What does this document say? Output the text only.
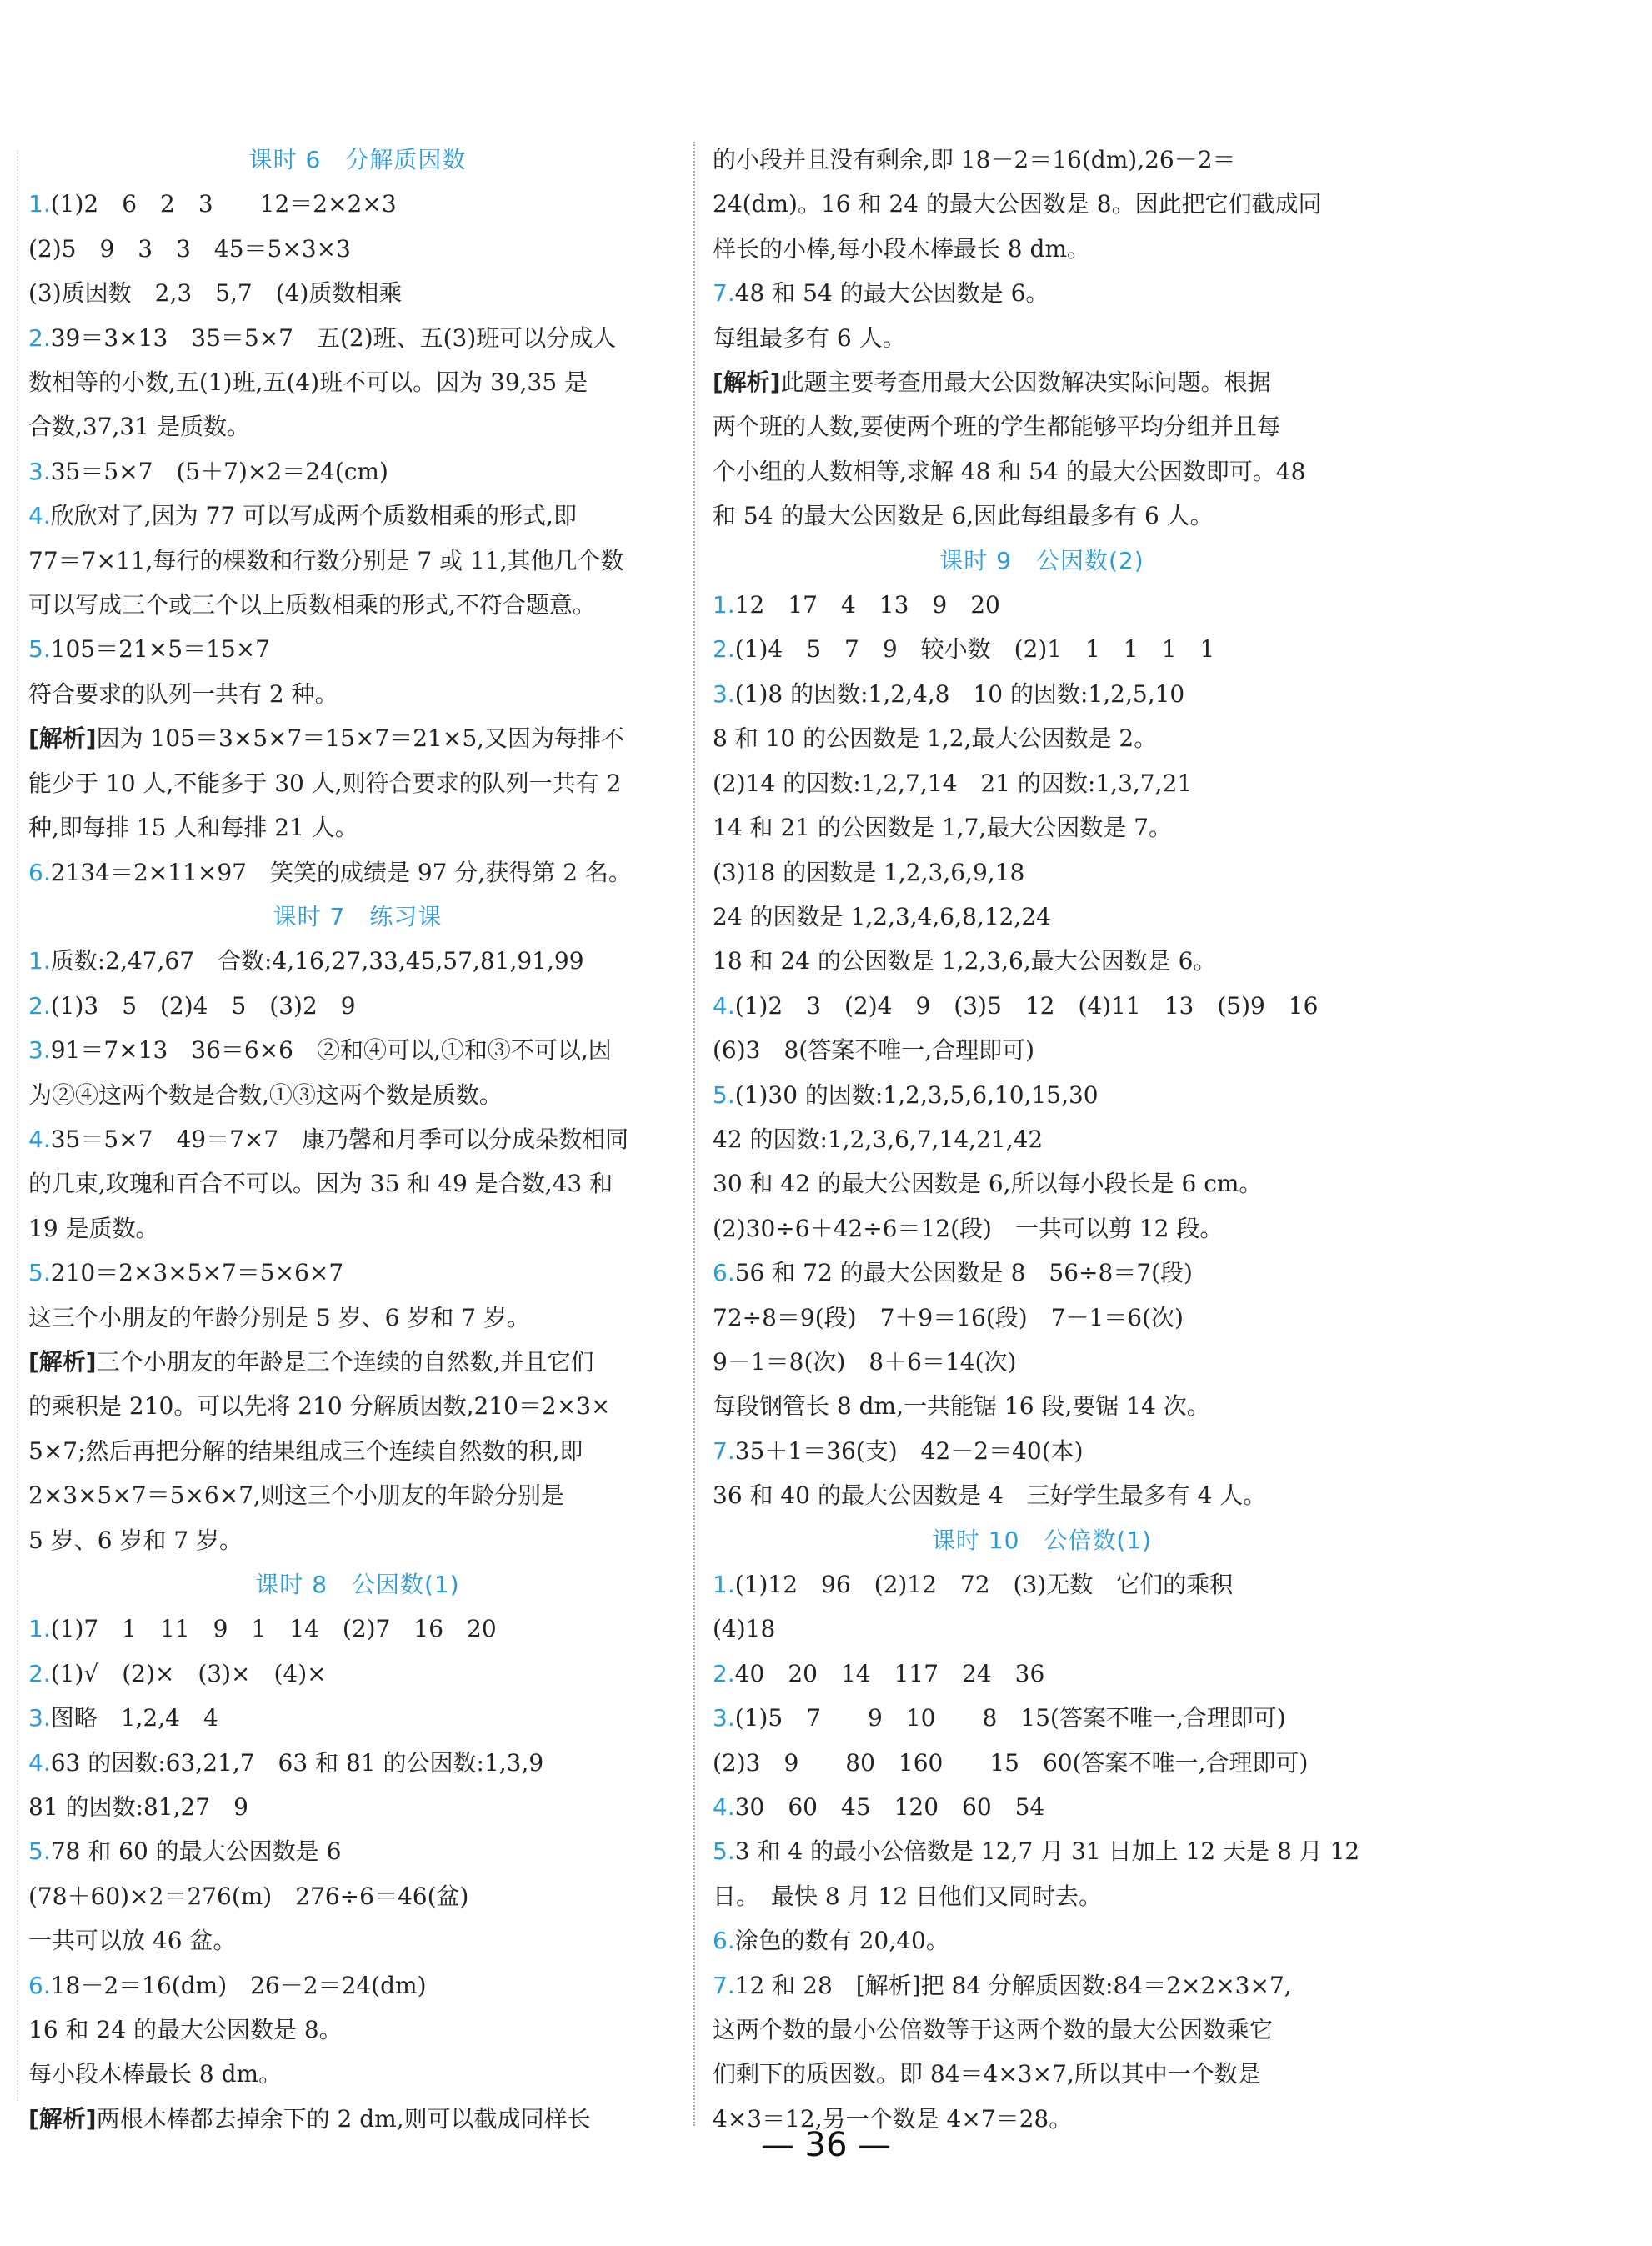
课时 6　分解质因数
1.(1)2　6　2　3　　12＝2×2×3
(2)5　9　3　3　45＝5×3×3
(3)质因数　2,3　5,7　(4)质数相乘
2.39＝3×13　35＝5×7　五(2)班、五(3)班可以分成人
数相等的小数,五(1)班,五(4)班不可以。因为 39,35 是
合数,37,31 是质数。
3.35＝5×7　(5＋7)×2＝24(cm)
4.欣欣对了,因为 77 可以写成两个质数相乘的形式,即
77＝7×11,每行的棵数和行数分别是 7 或 11,其他几个数
可以写成三个或三个以上质数相乘的形式,不符合题意。
5.105＝21×5＝15×7
符合要求的队列一共有 2 种。
[解析]因为 105＝3×5×7＝15×7＝21×5,又因为每排不
能少于 10 人,不能多于 30 人,则符合要求的队列一共有 2
种,即每排 15 人和每排 21 人。
6.2134＝2×11×97　笑笑的成绩是 97 分,获得第 2 名。
课时 7　练习课
1.质数:2,47,67　合数:4,16,27,33,45,57,81,91,99
2.(1)3　5　(2)4　5　(3)2　9
3.91＝7×13　36＝6×6　②和④可以,①和③不可以,因
为②④这两个数是合数,①③这两个数是质数。
4.35＝5×7　49＝7×7　康乃馨和月季可以分成朵数相同
的几束,玫瑰和百合不可以。因为 35 和 49 是合数,43 和
19 是质数。
5.210＝2×3×5×7＝5×6×7
这三个小朋友的年龄分别是 5 岁、6 岁和 7 岁。
[解析]三个小朋友的年龄是三个连续的自然数,并且它们
的乘积是 210。可以先将 210 分解质因数,210＝2×3×
5×7;然后再把分解的结果组成三个连续自然数的积,即
2×3×5×7＝5×6×7,则这三个小朋友的年龄分别是
5 岁、6 岁和 7 岁。
课时 8　公因数(1)
1.(1)7　1　11　9　1　14　(2)7　16　20
2.(1)√　(2)×　(3)×　(4)×
3.图略　1,2,4　4
4.63 的因数:63,21,7　63 和 81 的公因数:1,3,9
81 的因数:81,27　9
5.78 和 60 的最大公因数是 6
(78＋60)×2＝276(m)　276÷6＝46(盆)
一共可以放 46 盆。
6.18－2＝16(dm)　26－2＝24(dm)
16 和 24 的最大公因数是 8。
每小段木棒最长 8 dm。
[解析]两根木棒都去掉余下的 2 dm,则可以截成同样长
的小段并且没有剩余,即 18－2＝16(dm),26－2＝
24(dm)。16 和 24 的最大公因数是 8。因此把它们截成同
样长的小棒,每小段木棒最长 8 dm。
7.48 和 54 的最大公因数是 6。
每组最多有 6 人。
[解析]此题主要考查用最大公因数解决实际问题。根据
两个班的人数,要使两个班的学生都能够平均分组并且每
个小组的人数相等,求解 48 和 54 的最大公因数即可。48
和 54 的最大公因数是 6,因此每组最多有 6 人。
课时 9　公因数(2)
1.12　17　4　13　9　20
2.(1)4　5　7　9　较小数　(2)1　1　1　1　1
3.(1)8 的因数:1,2,4,8　10 的因数:1,2,5,10
8 和 10 的公因数是 1,2,最大公因数是 2。
(2)14 的因数:1,2,7,14　21 的因数:1,3,7,21
14 和 21 的公因数是 1,7,最大公因数是 7。
(3)18 的因数是 1,2,3,6,9,18
24 的因数是 1,2,3,4,6,8,12,24
18 和 24 的公因数是 1,2,3,6,最大公因数是 6。
4.(1)2　3　(2)4　9　(3)5　12　(4)11　13　(5)9　16
(6)3　8(答案不唯一,合理即可)
5.(1)30 的因数:1,2,3,5,6,10,15,30
42 的因数:1,2,3,6,7,14,21,42
30 和 42 的最大公因数是 6,所以每小段长是 6 cm。
(2)30÷6＋42÷6＝12(段)　一共可以剪 12 段。
6.56 和 72 的最大公因数是 8　56÷8＝7(段)
72÷8＝9(段)　7＋9＝16(段)　7－1＝6(次)
9－1＝8(次)　8＋6＝14(次)
每段钢管长 8 dm,一共能锯 16 段,要锯 14 次。
7.35＋1＝36(支)　42－2＝40(本)
36 和 40 的最大公因数是 4　三好学生最多有 4 人。
课时 10　公倍数(1)
1.(1)12　96　(2)12　72　(3)无数　它们的乘积
(4)18
2.40　20　14　117　24　36
3.(1)5　7　　9　10　　8　15(答案不唯一,合理即可)
(2)3　9　　80　160　　15　60(答案不唯一,合理即可)
4.30　60　45　120　60　54
5.3 和 4 的最小公倍数是 12,7 月 31 日加上 12 天是 8 月 12
日。　最快 8 月 12 日他们又同时去。
6.涂色的数有 20,40。
7.12 和 28　[解析]把 84 分解质因数:84＝2×2×3×7,
这两个数的最小公倍数等于这两个数的最大公因数乘它
们剩下的质因数。即 84＝4×3×7,所以其中一个数是
4×3＝12,另一个数是 4×7＝28。
— 36 —
